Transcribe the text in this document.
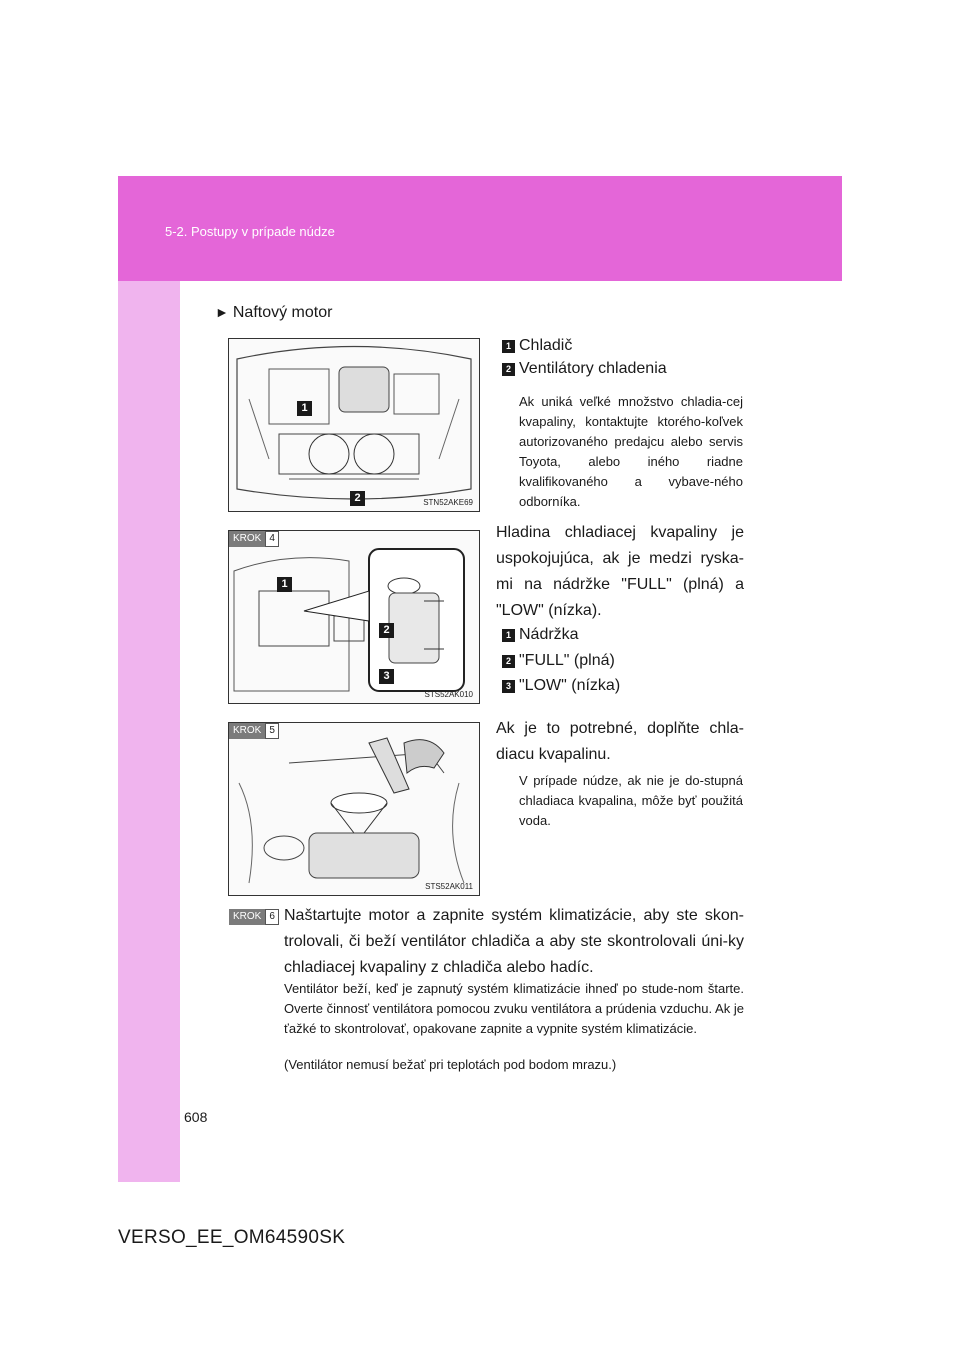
5-2. Postupy v prípade núdze
► Naftový motor
1
2	STN52AKE69
1 Chladič
2 Ventilátory chladenia
Ak uniká veľké množstvo chladia-cej kvapaliny, kontaktujte ktorého-koľvek autorizovaného predajcu alebo servis Toyota, alebo iného riadne kvalifikovaného a vybave-ného odborníka.
KROK 4
1
2
3
STS52AK010
Hladina chladiacej kvapaliny je uspokojujúca, ak je medzi ryska-mi na nádržke "FULL" (plná) a "LOW" (nízka).
1 Nádržka
2 "FULL" (plná)
3 "LOW" (nízka)
KROK 5
STS52AK011
Ak je to potrebné, doplňte chla-diacu kvapalinu.
V prípade núdze, ak nie je do-stupná chladiaca kvapalina, môže byť použitá voda.
KROK 6 Naštartujte motor a zapnite systém klimatizácie, aby ste skon-trolovali, či beží ventilátor chladiča a aby ste skontrolovali úni-ky chladiacej kvapaliny z chladiča alebo hadíc.
Ventilátor beží, keď je zapnutý systém klimatizácie ihneď po stude-nom štarte. Overte činnosť ventilátora pomocou zvuku ventilátora a prúdenia vzduchu. Ak je ťažké to skontrolovať, opakovane zapnite a vypnite systém klimatizácie.
(Ventilátor nemusí bežať pri teplotách pod bodom mrazu.)
608
VERSO_EE_OM64590SK
